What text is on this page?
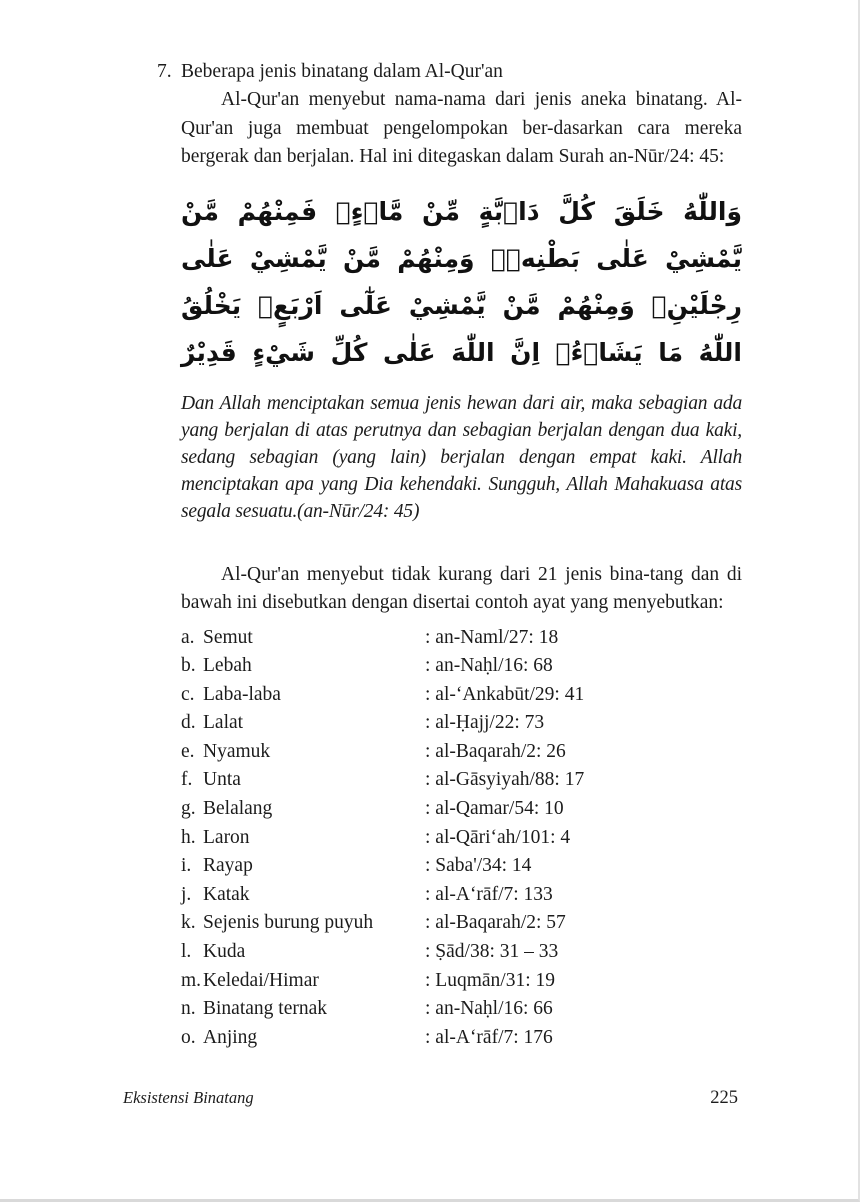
7. Beberapa jenis binatang dalam Al-Qur'an

Al-Qur'an menyebut nama-nama dari jenis aneka binatang. Al-Qur'an juga membuat pengelompokan ber-dasarkan cara mereka bergerak dan berjalan. Hal ini ditegaskan dalam Surah an-Nūr/24: 45:

وَاللّٰهُ خَلَقَ كُلَّ دَاۤبَّةٍ مِّنْ مَّاۤءٍۚ فَمِنْهُمْ مَّنْ يَّمْشِيْ عَلٰى بَطْنِهٖۚ وَمِنْهُمْ مَّنْ يَّمْشِيْ عَلٰى
رِجْلَيْنِۚ وَمِنْهُمْ مَّنْ يَّمْشِيْ عَلٰٓى اَرْبَعٍۗ يَخْلُقُ اللّٰهُ مَا يَشَاۤءُۗ اِنَّ اللّٰهَ عَلٰى كُلِّ شَيْءٍ قَدِيْرٌ

Dan Allah menciptakan semua jenis hewan dari air, maka sebagian ada yang berjalan di atas perutnya dan sebagian berjalan dengan dua kaki, sedang sebagian (yang lain) berjalan dengan empat kaki. Allah menciptakan apa yang Dia kehendaki. Sungguh, Allah Mahakuasa atas segala sesuatu.(an-Nūr/24: 45)

Al-Qur'an menyebut tidak kurang dari 21 jenis bina-tang dan di bawah ini disebutkan dengan disertai contoh ayat yang menyebutkan:

a. Semut	: an-Naml/27: 18
b. Lebah	: an-Naḥl/16: 68
c. Laba-laba	: al-‘Ankabūt/29: 41
d. Lalat	: al-Ḥajj/22: 73
e. Nyamuk	: al-Baqarah/2: 26
f. Unta	: al-Gāsyiyah/88: 17
g. Belalang	: al-Qamar/54: 10
h. Laron	: al-Qāri‘ah/101: 4
i. Rayap	: Saba'/34: 14
j. Katak	: al-A‘rāf/7: 133
k. Sejenis burung puyuh	: al-Baqarah/2: 57
l. Kuda	: Ṣād/38: 31 – 33
m. Keledai/Himar	: Luqmān/31: 19
n. Binatang ternak	: an-Naḥl/16: 66
o. Anjing	: al-A‘rāf/7: 176
Eksistensi Binatang	225
